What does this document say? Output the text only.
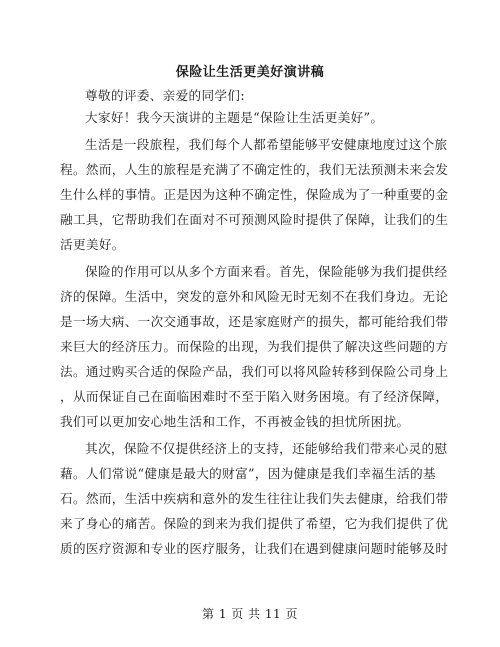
保险让生活更美好演讲稿
尊敬的评委、亲爱的同学们:
大家好！我今天演讲的主题是“保险让生活更美好”。
生活是一段旅程，我们每个人都希望能够平安健康地度过这个旅
程。然而，人生的旅程是充满了不确定性的，我们无法预测未来会发
生什么样的事情。正是因为这种不确定性，保险成为了一种重要的金
融工具，它帮助我们在面对不可预测风险时提供了保障，让我们的生
活更美好。
保险的作用可以从多个方面来看。首先，保险能够为我们提供经
济的保障。生活中，突发的意外和风险无时无刻不在我们身边。无论
是一场大病、一次交通事故，还是家庭财产的损失，都可能给我们带
来巨大的经济压力。而保险的出现，为我们提供了解决这些问题的方
法。通过购买合适的保险产品，我们可以将风险转移到保险公司身上
，从而保证自己在面临困难时不至于陷入财务困境。有了经济保障，
我们可以更加安心地生活和工作，不再被金钱的担忧所困扰。
其次，保险不仅提供经济上的支持，还能够给我们带来心灵的慰
藉。人们常说“健康是最大的财富”，因为健康是我们幸福生活的基
石。然而，生活中疾病和意外的发生往往让我们失去健康，给我们带
来了身心的痛苦。保险的到来为我们提供了希望，它为我们提供了优
质的医疗资源和专业的医疗服务，让我们在遇到健康问题时能够及时
第 1 页 共 11 页
